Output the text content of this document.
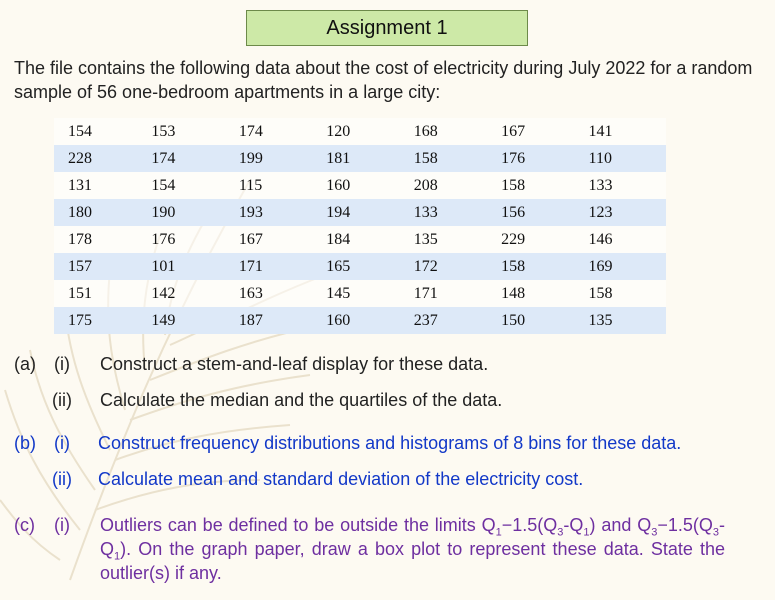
Assignment 1
The file contains the following data about the cost of electricity during July 2022 for a random sample of 56 one-bedroom apartments in a large city:
154	153	174	120	168	167	141
228	174	199	181	158	176	110
131	154	115	160	208	158	133
180	190	193	194	133	156	123
178	176	167	184	135	229	146
157	101	171	165	172	158	169
151	142	163	145	171	148	158
175	149	187	160	237	150	135
(a) (i) Construct a stem-and-leaf display for these data.
(ii) Calculate the median and the quartiles of the data.
(b) (i) Construct frequency distributions and histograms of 8 bins for these data.
(ii) Calculate mean and standard deviation of the electricity cost.
(c) (i) Outliers can be defined to be outside the limits $Q_1-1.5(Q_3-Q_1)$ and $Q_3-1.5(Q_3-Q_1)$. On the graph paper, draw a box plot to represent these data. State the outlier(s) if any.
